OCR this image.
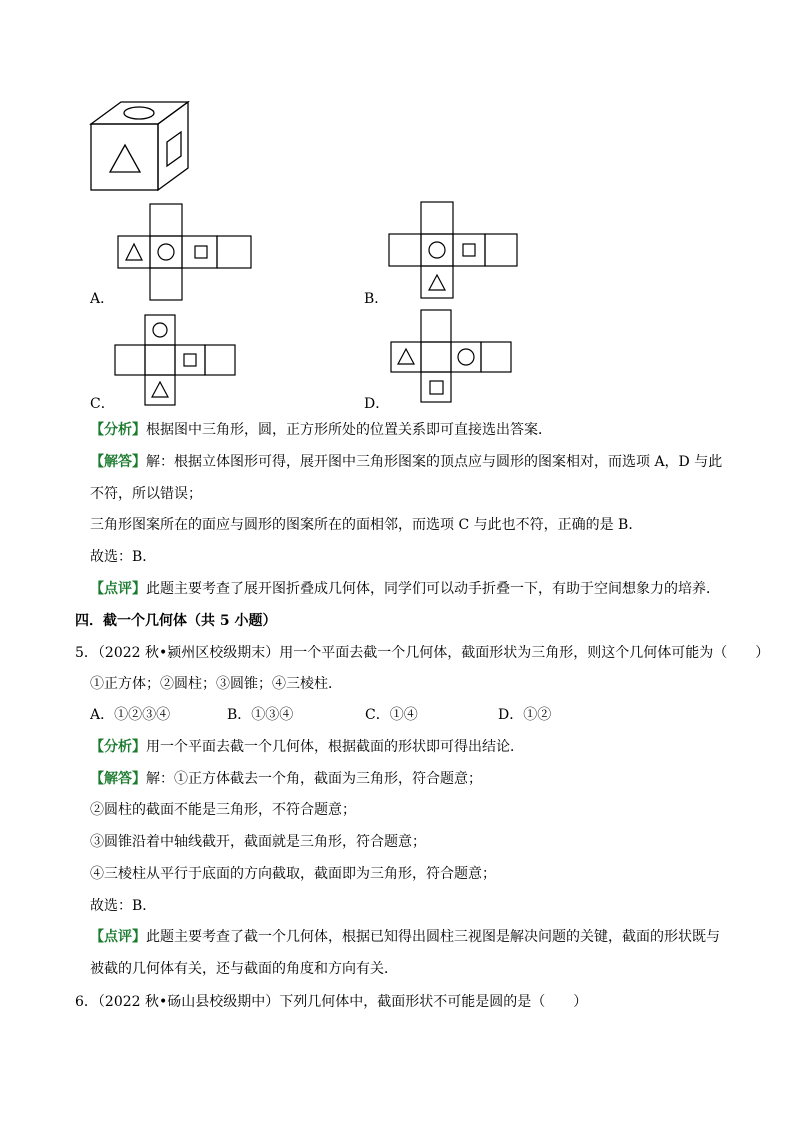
A．	B．
C．	D．
【分析】根据图中三角形，圆，正方形所处的位置关系即可直接选出答案．
【解答】解：根据立体图形可得，展开图中三角形图案的顶点应与圆形的图案相对，而选项 A，D 与此
不符，所以错误；
三角形图案所在的面应与圆形的图案所在的面相邻，而选项 C 与此也不符，正确的是 B．
故选：B．
【点评】此题主要考查了展开图折叠成几何体，同学们可以动手折叠一下，有助于空间想象力的培养．
四．截一个几何体（共 5 小题）
5．（2022 秋•颍州区校级期末）用一个平面去截一个几何体，截面形状为三角形，则这个几何体可能为（　　）
①正方体；②圆柱；③圆锥；④三棱柱．
A．①②③④	B．①③④	C．①④	D．①②
【分析】用一个平面去截一个几何体，根据截面的形状即可得出结论．
【解答】解：①正方体截去一个角，截面为三角形，符合题意；
②圆柱的截面不能是三角形，不符合题意；
③圆锥沿着中轴线截开，截面就是三角形，符合题意；
④三棱柱从平行于底面的方向截取，截面即为三角形，符合题意；
故选：B．
【点评】此题主要考查了截一个几何体，根据已知得出圆柱三视图是解决问题的关键，截面的形状既与
被截的几何体有关，还与截面的角度和方向有关．
6．（2022 秋•砀山县校级期中）下列几何体中，截面形状不可能是圆的是（　　）
